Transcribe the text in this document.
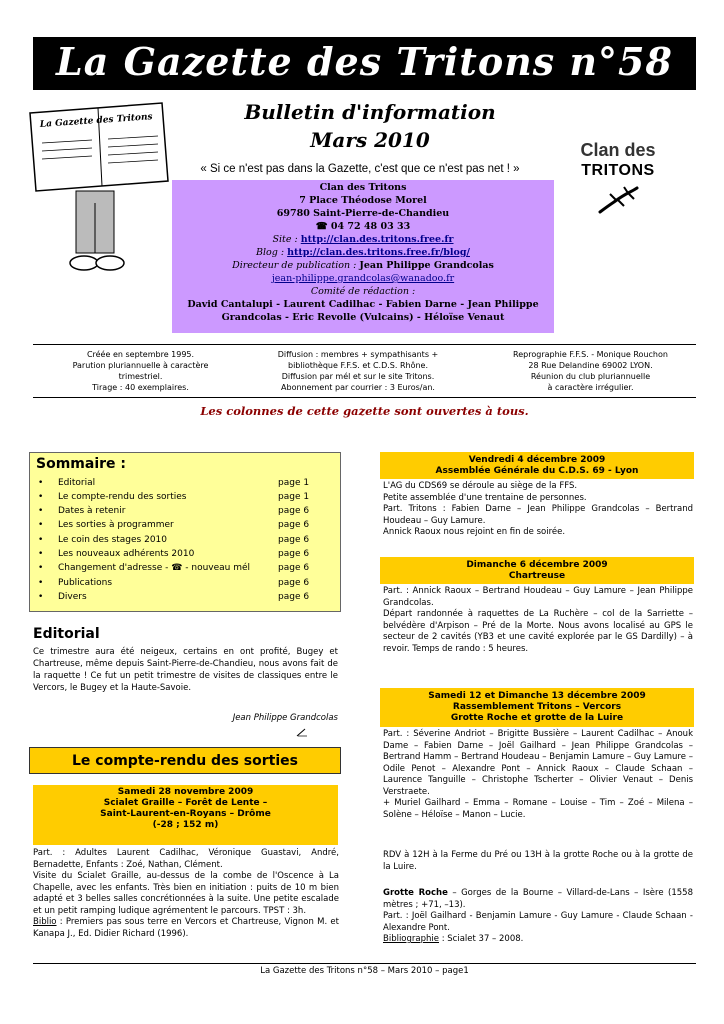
La Gazette des Tritons n°58
La Gazette des Tritons	Bulletin d'information
Mars 2010
« Si ce n'est pas dans la Gazette, c'est que ce n'est pas net ! »
Clan des
TRITONS
Clan des Tritons
7 Place Théodose Morel
69780 Saint-Pierre-de-Chandieu
☎ 04 72 48 03 33
Site : http://clan.des.tritons.free.fr
Blog : http://clan.des.tritons.free.fr/blog/
Directeur de publication : Jean Philippe Grandcolas
jean-philippe.grandcolas@wanadoo.fr
Comité de rédaction :
David Cantalupi - Laurent Cadilhac - Fabien Darne - Jean Philippe
Grandcolas - Eric Revolle (Vulcains) - Héloïse Venaut
Créée en septembre 1995.
Parution pluriannuelle à caractère
trimestriel.
Tirage : 40 exemplaires.
Diffusion : membres + sympathisants +
bibliothèque F.F.S. et C.D.S. Rhône.
Diffusion par mél et sur le site Tritons.
Abonnement par courrier : 3 Euros/an.
Reprographie F.F.S. - Monique Rouchon
28 Rue Delandine 69002 LYON.
Réunion du club pluriannuelle
à caractère irrégulier.
Les colonnes de cette gazette sont ouvertes à tous.
Sommaire :
• Editorial	page 1
• Le compte-rendu des sorties	page 1
• Dates à retenir	page 6
• Les sorties à programmer	page 6
• Le coin des stages 2010	page 6
• Les nouveaux adhérents 2010	page 6
• Changement d'adresse - ☎ - nouveau mél	page 6
• Publications	page 6
• Divers	page 6
Editorial
Ce trimestre aura été neigeux, certains en ont profité, Bugey et Chartreuse, même depuis Saint-Pierre-de-Chandieu, nous avons fait de la raquette ! Ce fut un petit trimestre de visites de classiques entre le Vercors, le Bugey et la Haute-Savoie.
Jean Philippe Grandcolas
Le compte-rendu des sorties
Samedi 28 novembre 2009
Scialet Graille – Forêt de Lente –
Saint-Laurent-en-Royans – Drôme
(-28 ; 152 m)
Part. : Adultes Laurent Cadilhac, Véronique Guastavi, André, Bernadette, Enfants : Zoé, Nathan, Clément.
Visite du Scialet Graille, au-dessus de la combe de l'Oscence à La Chapelle, avec les enfants. Très bien en initiation : puits de 10 m bien adapté et 3 belles salles concrétionnées à la suite. Une petite escalade et un petit ramping ludique agrémentent le parcours. TPST : 3h.
Biblio : Premiers pas sous terre en Vercors et Chartreuse, Vignon M. et Kanapa J., Ed. Didier Richard (1996).
Vendredi 4 décembre 2009
Assemblée Générale du C.D.S. 69 - Lyon
L'AG du CDS69 se déroule au siège de la FFS.
Petite assemblée d'une trentaine de personnes.
Part. Tritons : Fabien Darne – Jean Philippe Grandcolas – Bertrand Houdeau – Guy Lamure.
Annick Raoux nous rejoint en fin de soirée.
Dimanche 6 décembre 2009
Chartreuse
Part. : Annick Raoux – Bertrand Houdeau – Guy Lamure – Jean Philippe Grandcolas.
Départ randonnée à raquettes de La Ruchère – col de la Sarriette – belvédère d'Arpison – Pré de la Morte. Nous avons localisé au GPS le secteur de 2 cavités (YB3 et une cavité explorée par le GS Dardilly) – à revoir. Temps de rando : 5 heures.
Samedi 12 et Dimanche 13 décembre 2009
Rassemblement Tritons – Vercors
Grotte Roche et grotte de la Luire
Part. : Séverine Andriot – Brigitte Bussière – Laurent Cadilhac – Anouk Dame – Fabien Darne – Joël Gailhard – Jean Philippe Grandcolas – Bertrand Hamm – Bertrand Houdeau – Benjamin Lamure – Guy Lamure – Odile Penot – Alexandre Pont – Annick Raoux – Claude Schaan – Laurence Tanguille – Christophe Tscherter – Olivier Venaut – Denis Verstraete.
+ Muriel Gailhard – Emma – Romane – Louise – Tim – Zoé – Milena – Solène – Héloïse – Manon – Lucie.
RDV à 12H à la Ferme du Pré ou 13H à la grotte Roche ou à la grotte de la Luire.
Grotte Roche – Gorges de la Bourne – Villard-de-Lans – Isère (1558 mètres ; +71, –13).
Part. : Joël Gailhard - Benjamin Lamure - Guy Lamure - Claude Schaan - Alexandre Pont.
Bibliographie : Scialet 37 – 2008.
La Gazette des Tritons n°58 – Mars 2010 – page1
